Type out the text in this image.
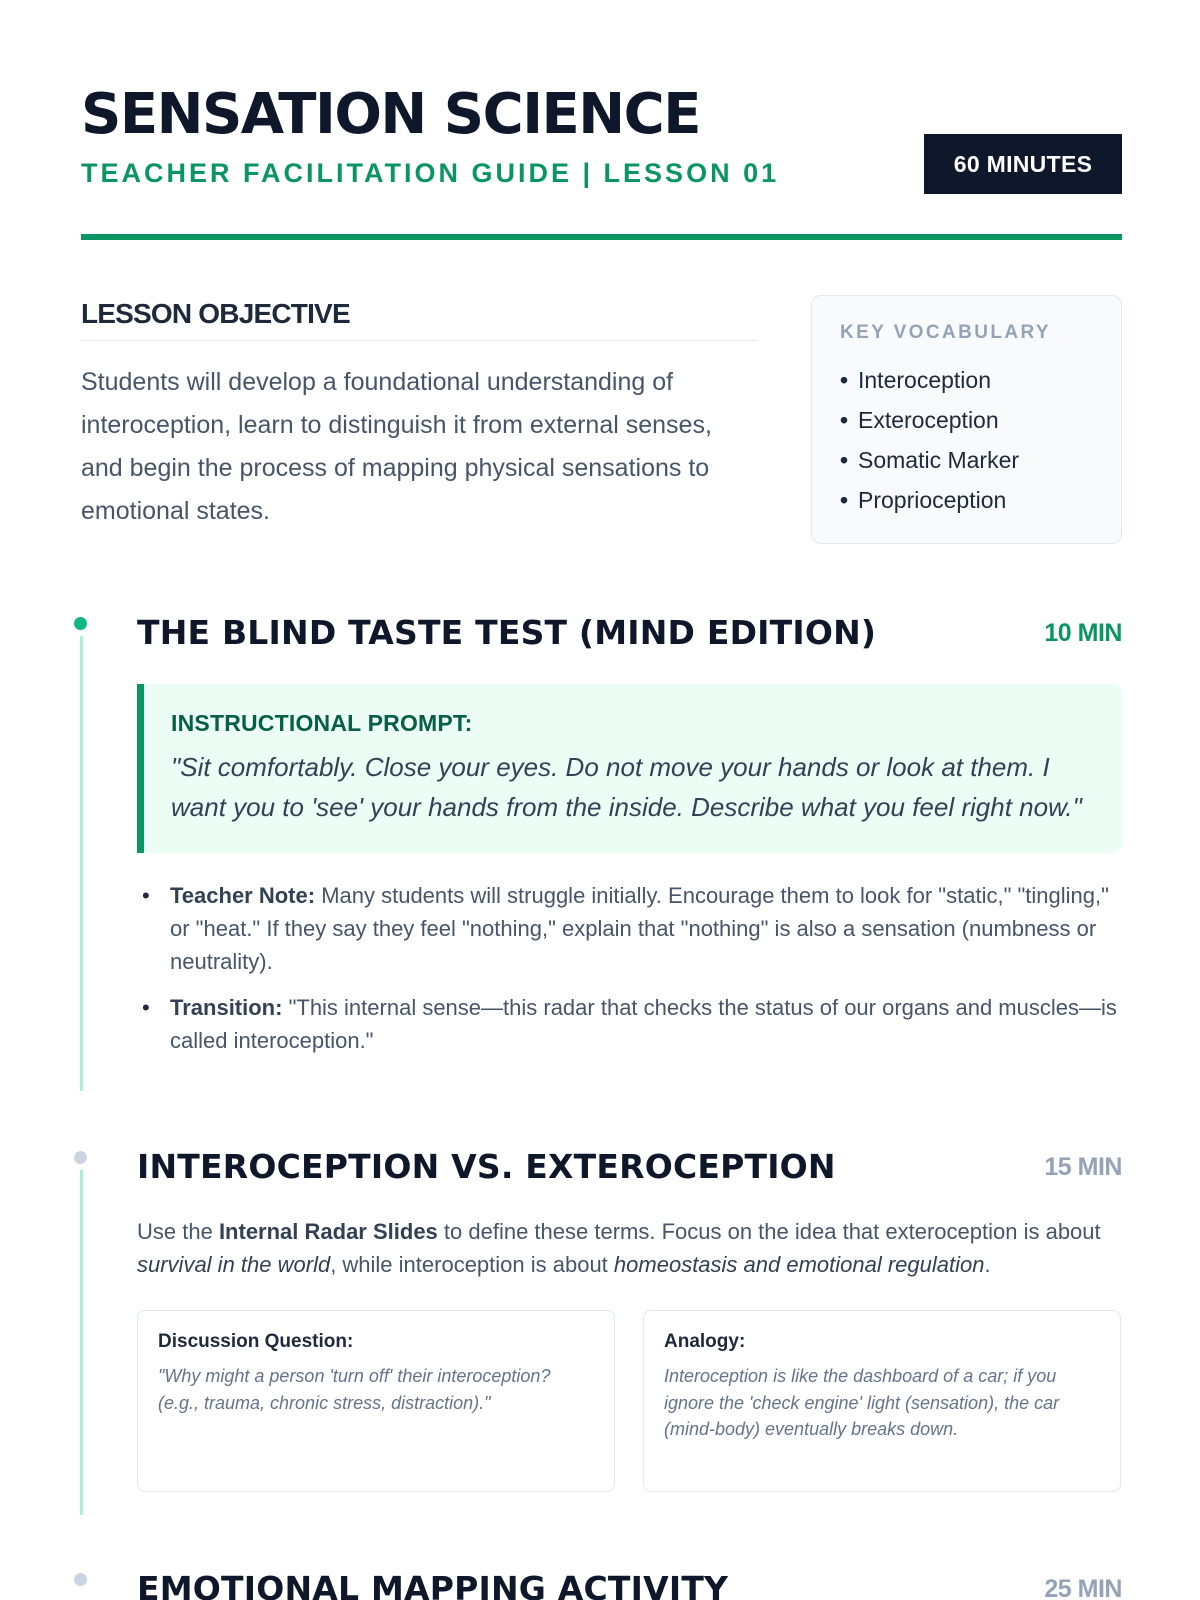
SENSATION SCIENCE
TEACHER FACILITATION GUIDE | LESSON 01	60 MINUTES
LESSON OBJECTIVE

Students will develop a foundational understanding of interoception, learn to distinguish it from external senses, and begin the process of mapping physical sensations to emotional states.

KEY VOCABULARY
• Interoception
• Exteroception
• Somatic Marker
• Proprioception
THE BLIND TASTE TEST (MIND EDITION)	10 MIN
INSTRUCTIONAL PROMPT:
"Sit comfortably. Close your eyes. Do not move your hands or look at them. I want you to 'see' your hands from the inside. Describe what you feel right now."
• Teacher Note: Many students will struggle initially. Encourage them to look for "static," "tingling," or "heat." If they say they feel "nothing," explain that "nothing" is also a sensation (numbness or neutrality).
• Transition: "This internal sense—this radar that checks the status of our organs and muscles—is called interoception."
INTEROCEPTION VS. EXTEROCEPTION	15 MIN

Use the Internal Radar Slides to define these terms. Focus on the idea that exteroception is about survival in the world, while interoception is about homeostasis and emotional regulation.

Discussion Question:
"Why might a person 'turn off' their interoception? (e.g., trauma, chronic stress, distraction)."
Analogy:
Interoception is like the dashboard of a car; if you ignore the 'check engine' light (sensation), the car (mind-body) eventually breaks down.
EMOTIONAL MAPPING ACTIVITY	25 MIN
